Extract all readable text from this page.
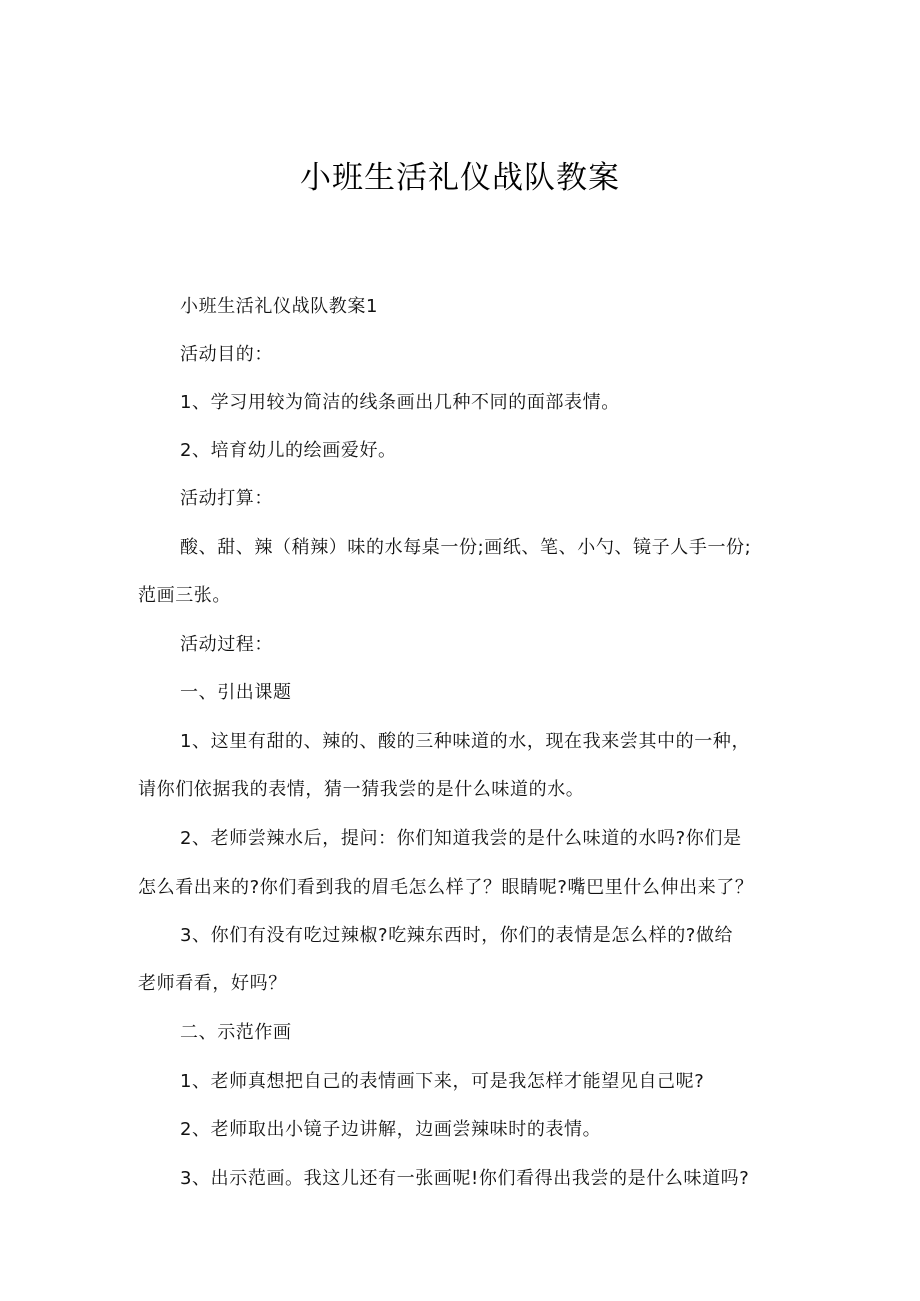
小班生活礼仪战队教案
小班生活礼仪战队教案1
活动目的：
1、学习用较为简洁的线条画出几种不同的面部表情。
2、培育幼儿的绘画爱好。
活动打算：
酸、甜、辣（稍辣）味的水每桌一份;画纸、笔、小勺、镜子人手一份;
范画三张。
活动过程：
一、引出课题
1、这里有甜的、辣的、酸的三种味道的水，现在我来尝其中的一种，
请你们依据我的表情，猜一猜我尝的是什么味道的水。
2、老师尝辣水后，提问：你们知道我尝的是什么味道的水吗?你们是
怎么看出来的?你们看到我的眉毛怎么样了？眼睛呢?嘴巴里什么伸出来了？
3、你们有没有吃过辣椒?吃辣东西时，你们的表情是怎么样的?做给
老师看看，好吗？
二、示范作画
1、老师真想把自己的表情画下来，可是我怎样才能望见自己呢?
2、老师取出小镜子边讲解，边画尝辣味时的表情。
3、出示范画。我这儿还有一张画呢!你们看得出我尝的是什么味道吗?
